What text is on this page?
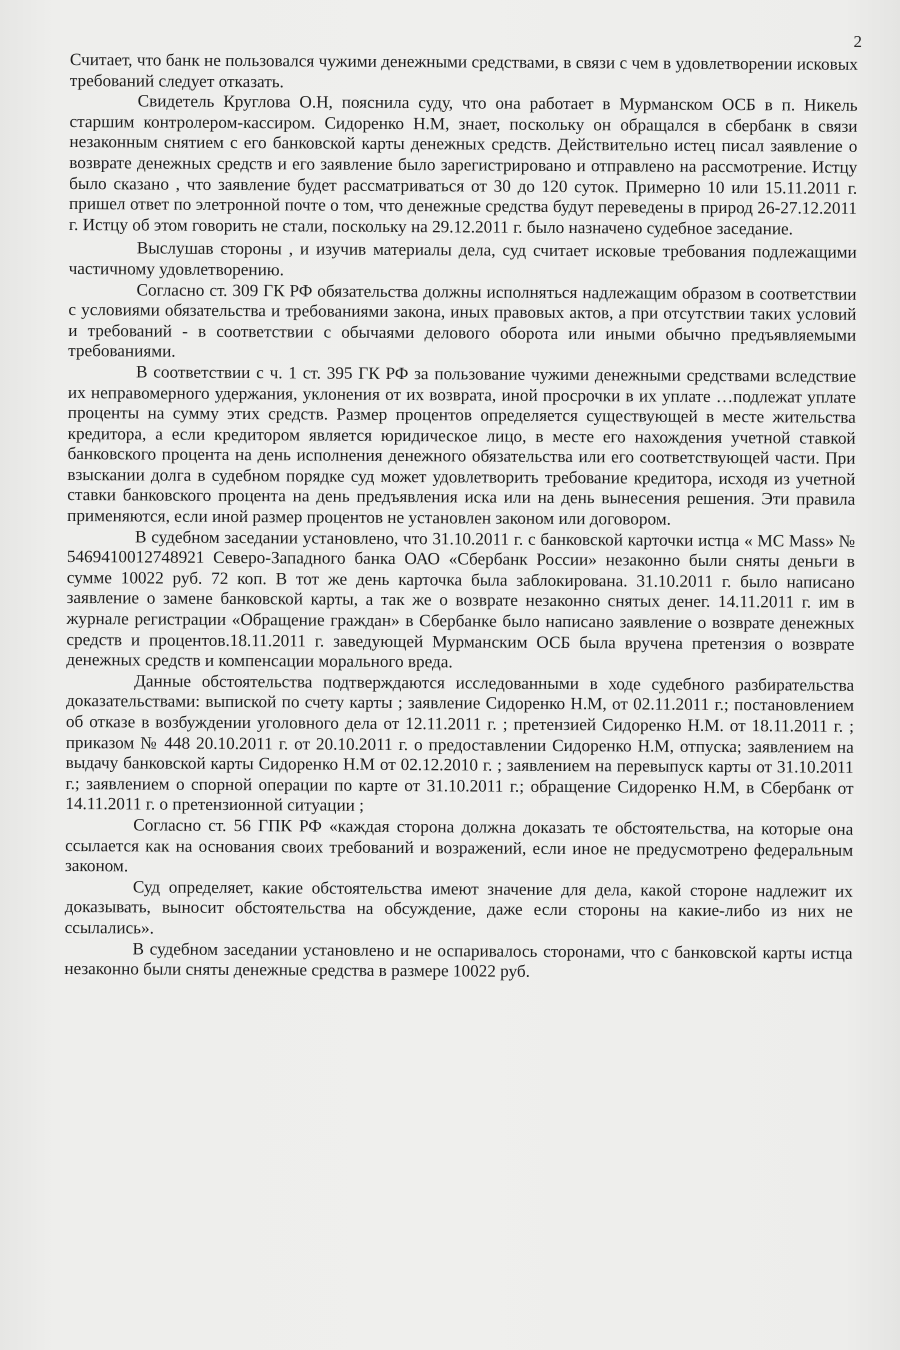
2

Считает, что банк не пользовался чужими денежными средствами, в связи с чем в удовлетворении исковых требований следует отказать.

Свидетель Круглова О.Н, пояснила суду, что она работает в Мурманском ОСБ в п. Никель старшим контролером-кассиром. Сидоренко Н.М, знает, поскольку он обращался в сбербанк в связи незаконным снятием с его банковской карты денежных средств. Действительно истец писал заявление о возврате денежных средств и его заявление было зарегистрировано и отправлено на рассмотрение. Истцу было сказано , что заявление будет рассматриваться от 30 до 120 суток. Примерно 10 или 15.11.2011 г. пришел ответ по элетронной почте о том, что денежные средства будут переведены в природ 26-27.12.2011 г. Истцу об этом говорить не стали, поскольку на 29.12.2011 г. было назначено судебное заседание.

Выслушав стороны , и изучив материалы дела, суд считает исковые требования подлежащими частичному удовлетворению.

Согласно ст. 309 ГК РФ обязательства должны исполняться надлежащим образом в соответствии с условиями обязательства и требованиями закона, иных правовых актов, а при отсутствии таких условий и требований - в соответствии с обычаями делового оборота или иными обычно предъявляемыми требованиями.

В соответствии с ч. 1 ст. 395 ГК РФ за пользование чужими денежными средствами вследствие их неправомерного удержания, уклонения от их возврата, иной просрочки в их уплате …подлежат уплате проценты на сумму этих средств. Размер процентов определяется существующей в месте жительства кредитора, а если кредитором является юридическое лицо, в месте его нахождения учетной ставкой банковского процента на день исполнения денежного обязательства или его соответствующей части. При взыскании долга в судебном порядке суд может удовлетворить требование кредитора, исходя из учетной ставки банковского процента на день предъявления иска или на день вынесения решения. Эти правила применяются, если иной размер процентов не установлен законом или договором.

В судебном заседании установлено, что 31.10.2011 г. с банковской карточки истца « МС Mass» № 5469410012748921 Северо-Западного банка ОАО «Сбербанк России» незаконно были сняты деньги в сумме 10022 руб. 72 коп. В тот же день карточка была заблокирована. 31.10.2011 г. было написано заявление о замене банковской карты, а так же о возврате незаконно снятых денег. 14.11.2011 г. им в журнале регистрации «Обращение граждан» в Сбербанке было написано заявление о возврате денежных средств и процентов.18.11.2011 г. заведующей Мурманским ОСБ была вручена претензия о возврате денежных средств и компенсации морального вреда.

Данные обстоятельства подтверждаются исследованными в ходе судебного разбирательства доказательствами: выпиской по счету карты ; заявление Сидоренко Н.М, от 02.11.2011 г.; постановлением об отказе в возбуждении уголовного дела от 12.11.2011 г. ; претензией Сидоренко Н.М. от 18.11.2011 г. ; приказом № 448 20.10.2011 г. от 20.10.2011 г. о предоставлении Сидоренко Н.М, отпуска; заявлением на выдачу банковской карты Сидоренко Н.М от 02.12.2010 г. ; заявлением на перевыпуск карты от 31.10.2011 г.; заявлением о спорной операции по карте от 31.10.2011 г.; обращение Сидоренко Н.М, в Сбербанк от 14.11.2011 г. о претензионной ситуации ;

Согласно ст. 56 ГПК РФ «каждая сторона должна доказать те обстоятельства, на которые она ссылается как на основания своих требований и возражений, если иное не предусмотрено федеральным законом.

Суд определяет, какие обстоятельства имеют значение для дела, какой стороне надлежит их доказывать, выносит обстоятельства на обсуждение, даже если стороны на какие-либо из них не ссылались».

В судебном заседании установлено и не оспаривалось сторонами, что с банковской карты истца незаконно были сняты денежные средства в размере 10022 руб.
